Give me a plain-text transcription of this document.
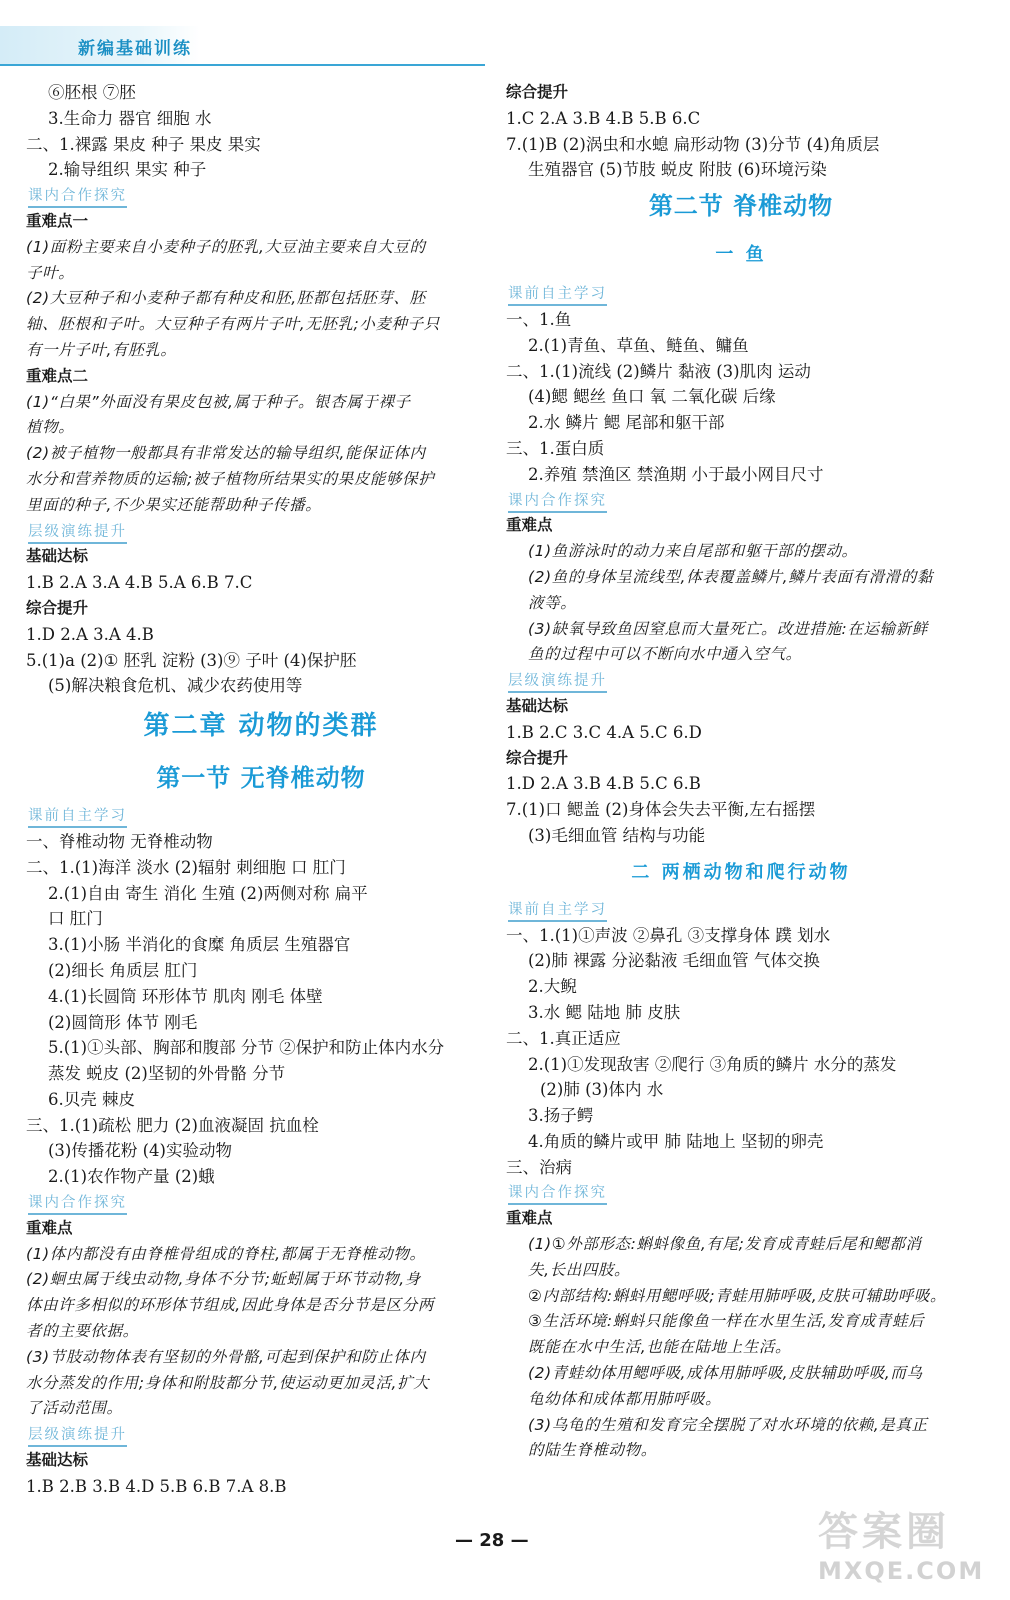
新编基础训练
⑥胚根 ⑦胚
3.生命力 器官 细胞 水
二、1.裸露 果皮 种子 果皮 果实
2.输导组织 果实 种子
课内合作探究
重难点一
(1)面粉主要来自小麦种子的胚乳,大豆油主要来自大豆的
子叶。
(2)大豆种子和小麦种子都有种皮和胚,胚都包括胚芽、胚
轴、胚根和子叶。大豆种子有两片子叶,无胚乳;小麦种子只
有一片子叶,有胚乳。
重难点二
(1)“白果”外面没有果皮包被,属于种子。银杏属于裸子
植物。
(2)被子植物一般都具有非常发达的输导组织,能保证体内
水分和营养物质的运输;被子植物所结果实的果皮能够保护
里面的种子,不少果实还能帮助种子传播。
层级演练提升
基础达标
1.B 2.A 3.A 4.B 5.A 6.B 7.C
综合提升
1.D 2.A 3.A 4.B
5.(1)a (2)① 胚乳 淀粉 (3)⑨ 子叶 (4)保护胚
(5)解决粮食危机、减少农药使用等
第二章 动物的类群
第一节 无脊椎动物
课前自主学习
一、脊椎动物 无脊椎动物
二、1.(1)海洋 淡水 (2)辐射 刺细胞 口 肛门
2.(1)自由 寄生 消化 生殖 (2)两侧对称 扁平
口 肛门
3.(1)小肠 半消化的食糜 角质层 生殖器官
(2)细长 角质层 肛门
4.(1)长圆筒 环形体节 肌肉 刚毛 体壁
(2)圆筒形 体节 刚毛
5.(1)①头部、胸部和腹部 分节 ②保护和防止体内水分
蒸发 蜕皮 (2)坚韧的外骨骼 分节
6.贝壳 棘皮
三、1.(1)疏松 肥力 (2)血液凝固 抗血栓
(3)传播花粉 (4)实验动物
2.(1)农作物产量 (2)蛾
课内合作探究
重难点
(1)体内都没有由脊椎骨组成的脊柱,都属于无脊椎动物。
(2)蛔虫属于线虫动物,身体不分节;蚯蚓属于环节动物,身
体由许多相似的环形体节组成,因此身体是否分节是区分两
者的主要依据。
(3)节肢动物体表有坚韧的外骨骼,可起到保护和防止体内
水分蒸发的作用;身体和附肢都分节,使运动更加灵活,扩大
了活动范围。
层级演练提升
基础达标
1.B 2.B 3.B 4.D 5.B 6.B 7.A 8.B
综合提升
1.C 2.A 3.B 4.B 5.B 6.C
7.(1)B (2)涡虫和水螅 扁形动物 (3)分节 (4)角质层
生殖器官 (5)节肢 蜕皮 附肢 (6)环境污染
第二节 脊椎动物
一 鱼
课前自主学习
一、1.鱼
2.(1)青鱼、草鱼、鲢鱼、鳙鱼
二、1.(1)流线 (2)鳞片 黏液 (3)肌肉 运动
(4)鳃 鳃丝 鱼口 氧 二氧化碳 后缘
2.水 鳞片 鳃 尾部和躯干部
三、1.蛋白质
2.养殖 禁渔区 禁渔期 小于最小网目尺寸
课内合作探究
重难点
(1)鱼游泳时的动力来自尾部和躯干部的摆动。
(2)鱼的身体呈流线型,体表覆盖鳞片,鳞片表面有滑滑的黏
液等。
(3)缺氧导致鱼因窒息而大量死亡。改进措施:在运输新鲜
鱼的过程中可以不断向水中通入空气。
层级演练提升
基础达标
1.B 2.C 3.C 4.A 5.C 6.D
综合提升
1.D 2.A 3.B 4.B 5.C 6.B
7.(1)口 鳃盖 (2)身体会失去平衡,左右摇摆
(3)毛细血管 结构与功能
二 两栖动物和爬行动物
课前自主学习
一、1.(1)①声波 ②鼻孔 ③支撑身体 蹼 划水
(2)肺 裸露 分泌黏液 毛细血管 气体交换
2.大鲵
3.水 鳃 陆地 肺 皮肤
二、1.真正适应
2.(1)①发现敌害 ②爬行 ③角质的鳞片 水分的蒸发
(2)肺 (3)体内 水
3.扬子鳄
4.角质的鳞片或甲 肺 陆地上 坚韧的卵壳
三、治病
课内合作探究
重难点
(1)①外部形态:蝌蚪像鱼,有尾;发育成青蛙后尾和鳃都消
失,长出四肢。
②内部结构:蝌蚪用鳃呼吸;青蛙用肺呼吸,皮肤可辅助呼吸。
③生活环境:蝌蚪只能像鱼一样在水里生活,发育成青蛙后
既能在水中生活,也能在陆地上生活。
(2)青蛙幼体用鳃呼吸,成体用肺呼吸,皮肤辅助呼吸,而乌
龟幼体和成体都用肺呼吸。
(3)乌龟的生殖和发育完全摆脱了对水环境的依赖,是真正
的陆生脊椎动物。
— 28 —	答案圈
MXQE.COM
